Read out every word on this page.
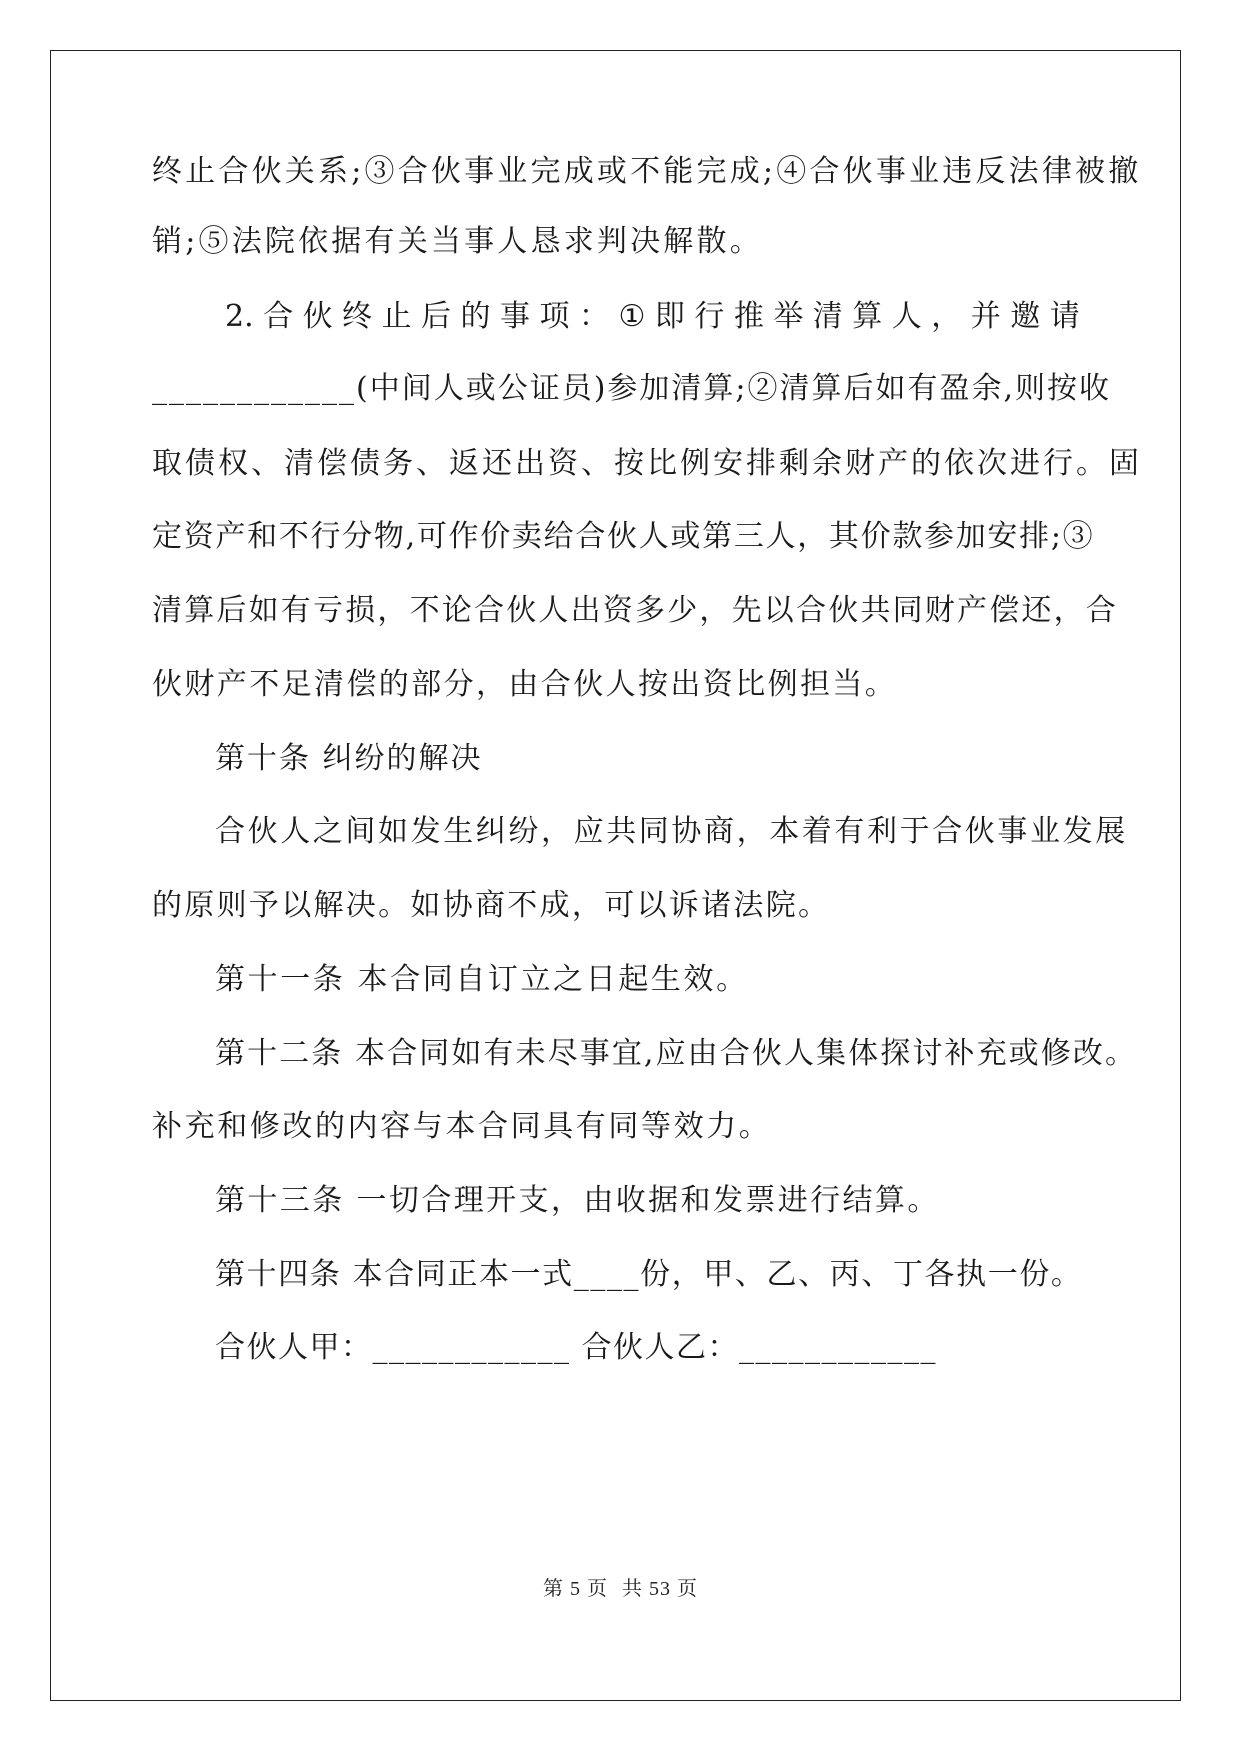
终止合伙关系;③合伙事业完成或不能完成;④合伙事业违反法律被撤
销;⑤法院依据有关当事人恳求判决解散。
2. 合 伙 终 止 后 的 事 项 ： ① 即 行 推 举 清 算 人 ， 并 邀 请
____________(中间人或公证员)参加清算;②清算后如有盈余,则按收
取债权、清偿债务、返还出资、按比例安排剩余财产的依次进行。固
定资产和不行分物,可作价卖给合伙人或第三人，其价款参加安排;③
清算后如有亏损，不论合伙人出资多少，先以合伙共同财产偿还，合
伙财产不足清偿的部分，由合伙人按出资比例担当。
第十条 纠纷的解决
合伙人之间如发生纠纷，应共同协商，本着有利于合伙事业发展
的原则予以解决。如协商不成，可以诉诸法院。
第十一条 本合同自订立之日起生效。
第十二条 本合同如有未尽事宜,应由合伙人集体探讨补充或修改。
补充和修改的内容与本合同具有同等效力。
第十三条 一切合理开支，由收据和发票进行结算。
第十四条 本合同正本一式____份，甲、乙、丙、丁各执一份。
合伙人甲：____________ 合伙人乙：____________
第 5 页 共 53 页
